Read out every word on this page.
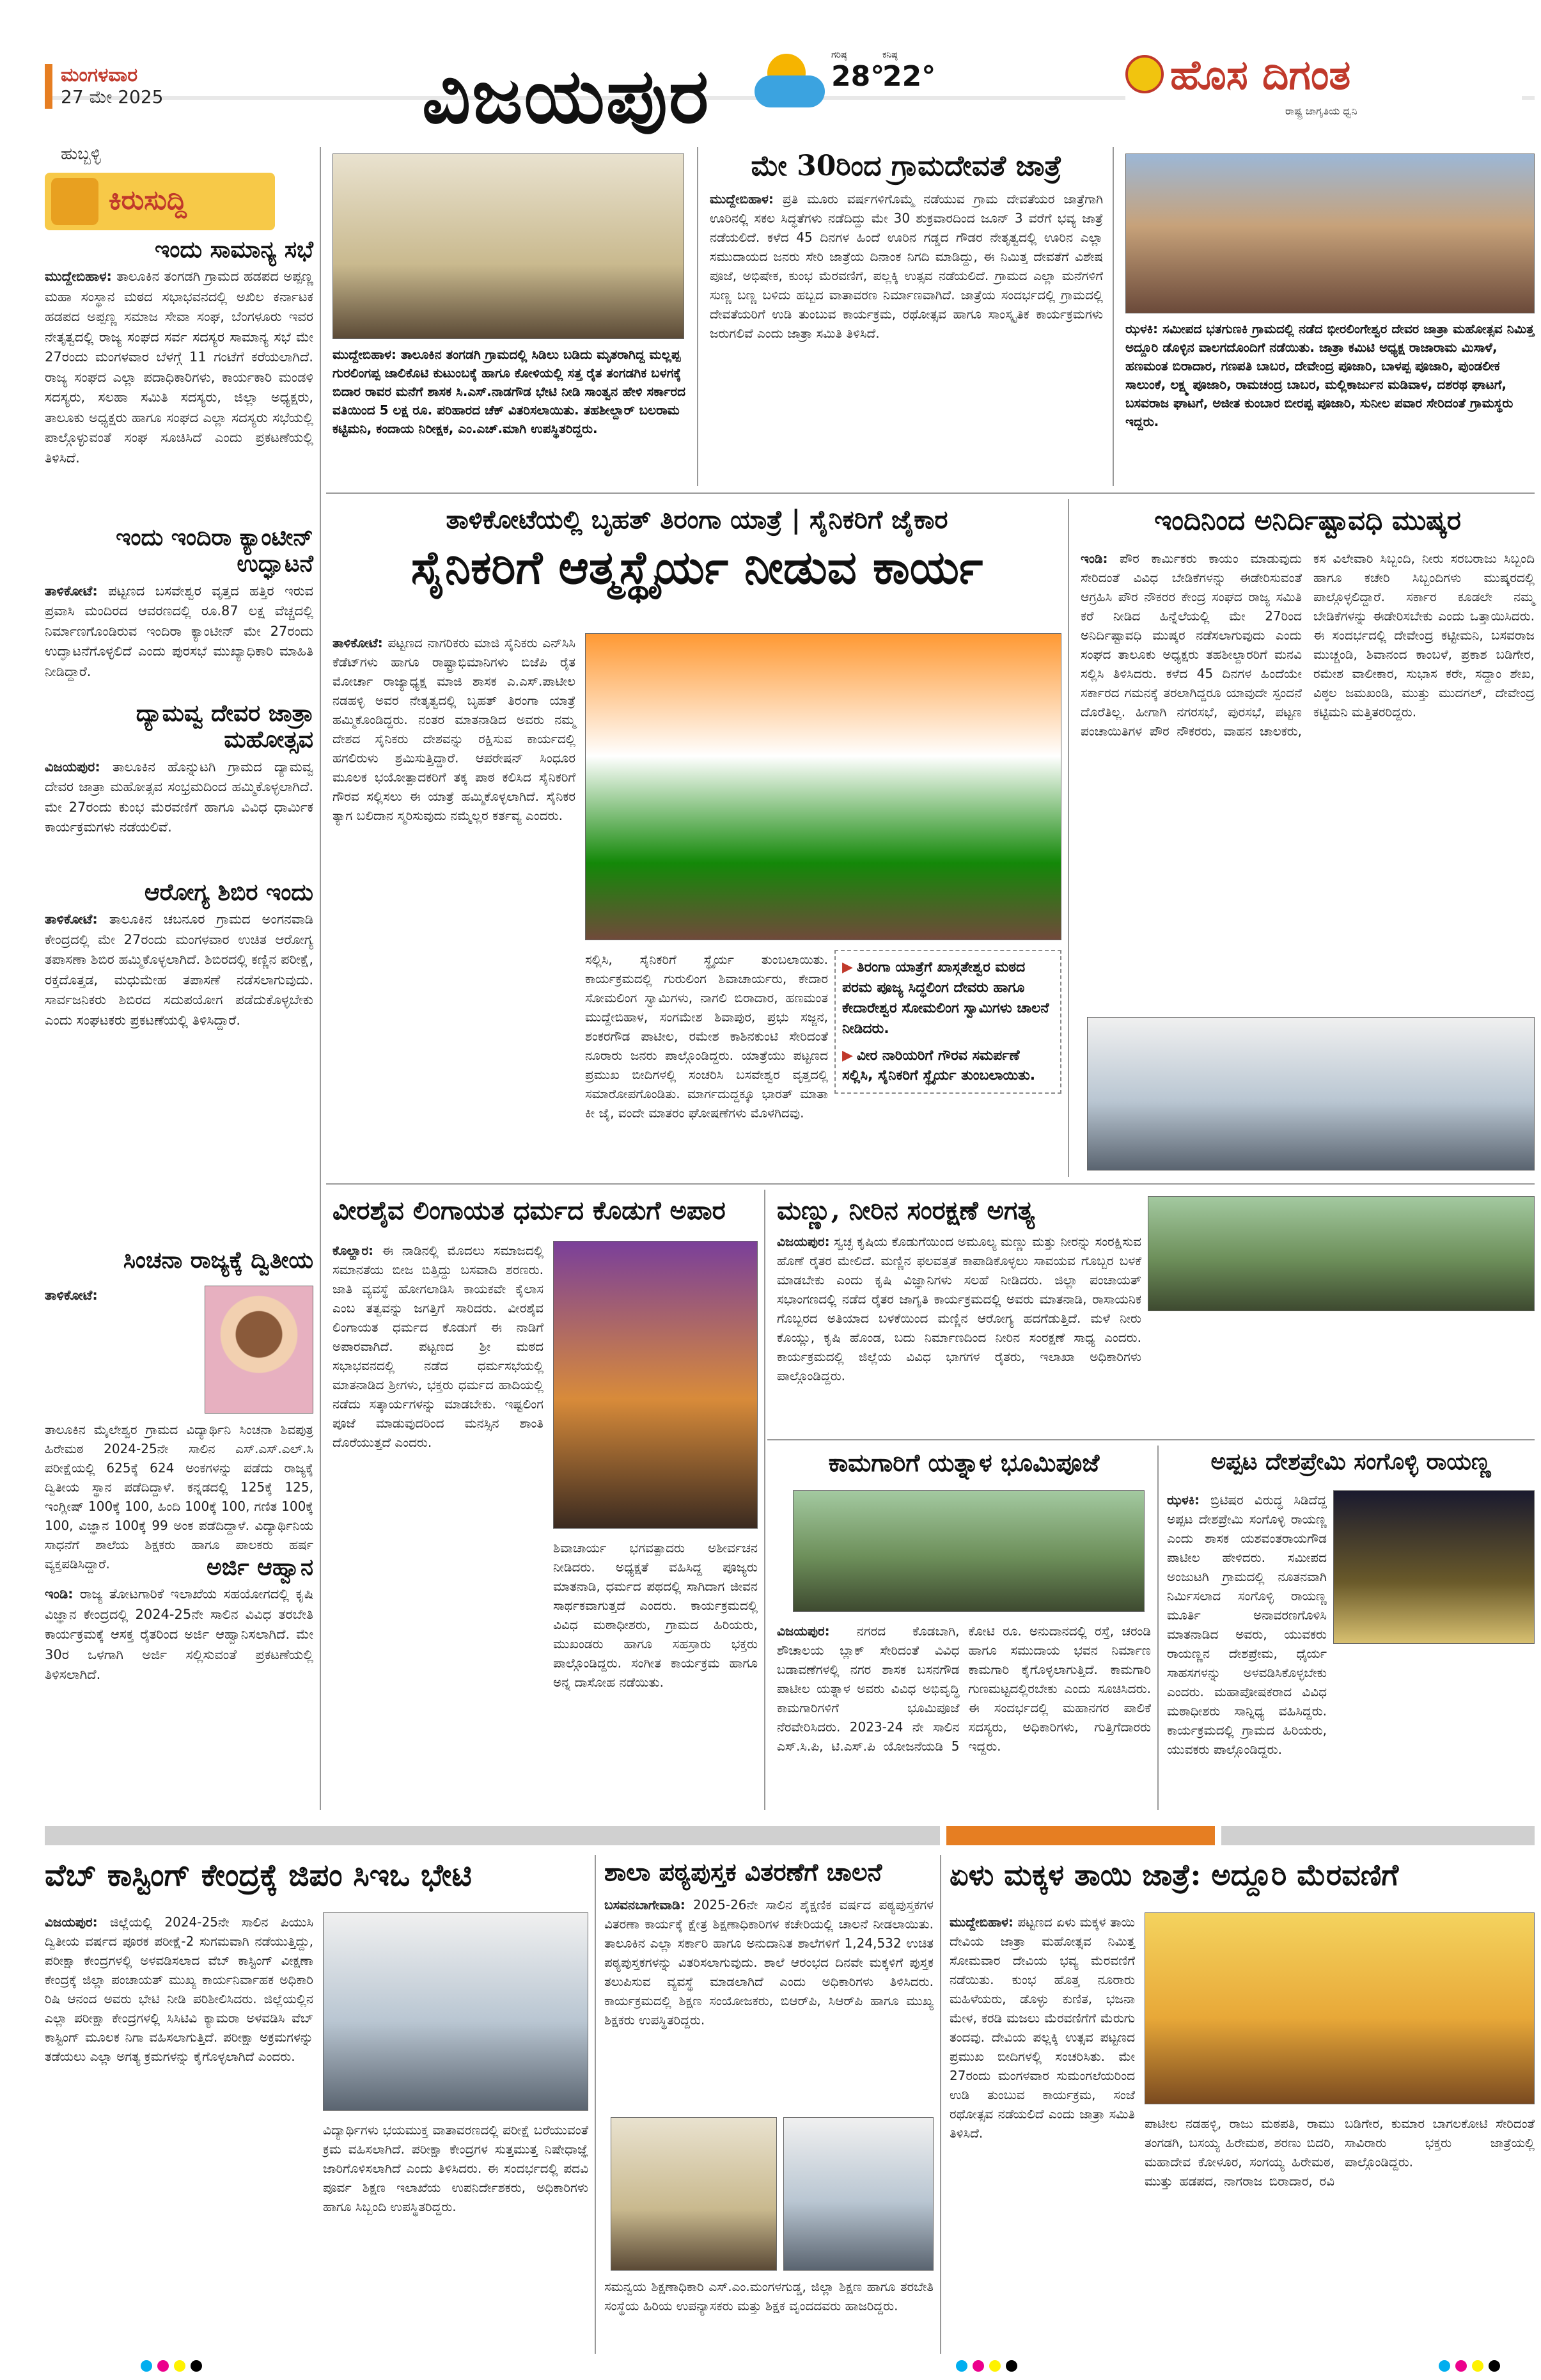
ಮಂಗಳವಾರ
27 ಮೇ 2025
ಹುಬ್ಬಳ್ಳಿ
ವಿಜಯಪುರ	ಗರಿಷ್ಠ
28°
ಕನಿಷ್ಠ
22°	ಹೊಸ ದಿಗಂತ
ರಾಷ್ಟ್ರ ಜಾಗೃತಿಯ ಧ್ವನಿ
ಕಿರುಸುದ್ದಿ
ಇಂದು ಸಾಮಾನ್ಯ ಸಭೆ
ಮುದ್ದೇಬಿಹಾಳ: ತಾಲೂಕಿನ ತಂಗಡಗಿ ಗ್ರಾಮದ ಹಡಪದ ಅಪ್ಪಣ್ಣ ಮಹಾ ಸಂಸ್ಥಾನ ಮಠದ ಸಭಾಭವನದಲ್ಲಿ ಅಖಿಲ ಕರ್ನಾಟಕ ಹಡಪದ ಅಪ್ಪಣ್ಣ ಸಮಾಜ ಸೇವಾ ಸಂಘ, ಬೆಂಗಳೂರು ಇವರ ನೇತೃತ್ವದಲ್ಲಿ ರಾಜ್ಯ ಸಂಘದ ಸರ್ವ ಸದಸ್ಯರ ಸಾಮಾನ್ಯ ಸಭೆ ಮೇ 27ರಂದು ಮಂಗಳವಾರ ಬೆಳಗ್ಗೆ 11 ಗಂಟೆಗೆ ಕರೆಯಲಾಗಿದೆ. ರಾಜ್ಯ ಸಂಘದ ಎಲ್ಲಾ ಪದಾಧಿಕಾರಿಗಳು, ಕಾರ್ಯಕಾರಿ ಮಂಡಳಿ ಸದಸ್ಯರು, ಸಲಹಾ ಸಮಿತಿ ಸದಸ್ಯರು, ಜಿಲ್ಲಾ ಅಧ್ಯಕ್ಷರು, ತಾಲೂಕು ಅಧ್ಯಕ್ಷರು ಹಾಗೂ ಸಂಘದ ಎಲ್ಲಾ ಸದಸ್ಯರು ಸಭೆಯಲ್ಲಿ ಪಾಲ್ಗೊಳ್ಳುವಂತೆ ಸಂಘ ಸೂಚಿಸಿದೆ ಎಂದು ಪ್ರಕಟಣೆಯಲ್ಲಿ ತಿಳಿಸಿದೆ.
ಇಂದು ಇಂದಿರಾ ಕ್ಯಾಂಟೀನ್ ಉದ್ಘಾಟನೆ
ತಾಳಿಕೋಟೆ: ಪಟ್ಟಣದ ಬಸವೇಶ್ವರ ವೃತ್ತದ ಹತ್ತಿರ ಇರುವ ಪ್ರವಾಸಿ ಮಂದಿರದ ಆವರಣದಲ್ಲಿ ರೂ.87 ಲಕ್ಷ ವೆಚ್ಚದಲ್ಲಿ ನಿರ್ಮಾಣಗೊಂಡಿರುವ ಇಂದಿರಾ ಕ್ಯಾಂಟೀನ್ ಮೇ 27ರಂದು ಉದ್ಘಾಟನೆಗೊಳ್ಳಲಿದೆ ಎಂದು ಪುರಸಭೆ ಮುಖ್ಯಾಧಿಕಾರಿ ಮಾಹಿತಿ ನೀಡಿದ್ದಾರೆ.
ದ್ಯಾಮವ್ವ ದೇವರ ಜಾತ್ರಾ ಮಹೋತ್ಸವ
ವಿಜಯಪುರ: ತಾಲೂಕಿನ ಹೊನ್ನುಟಗಿ ಗ್ರಾಮದ ದ್ಯಾಮವ್ವ ದೇವರ ಜಾತ್ರಾ ಮಹೋತ್ಸವ ಸಂಭ್ರಮದಿಂದ ಹಮ್ಮಿಕೊಳ್ಳಲಾಗಿದೆ. ಮೇ 27ರಂದು ಕುಂಭ ಮೆರವಣಿಗೆ ಹಾಗೂ ವಿವಿಧ ಧಾರ್ಮಿಕ ಕಾರ್ಯಕ್ರಮಗಳು ನಡೆಯಲಿವೆ.
ಆರೋಗ್ಯ ಶಿಬಿರ ಇಂದು
ತಾಳಿಕೋಟೆ: ತಾಲೂಕಿನ ಚಬನೂರ ಗ್ರಾಮದ ಅಂಗನವಾಡಿ ಕೇಂದ್ರದಲ್ಲಿ ಮೇ 27ರಂದು ಮಂಗಳವಾರ ಉಚಿತ ಆರೋಗ್ಯ ತಪಾಸಣಾ ಶಿಬಿರ ಹಮ್ಮಿಕೊಳ್ಳಲಾಗಿದೆ. ಶಿಬಿರದಲ್ಲಿ ಕಣ್ಣಿನ ಪರೀಕ್ಷೆ, ರಕ್ತದೊತ್ತಡ, ಮಧುಮೇಹ ತಪಾಸಣೆ ನಡೆಸಲಾಗುವುದು. ಸಾರ್ವಜನಿಕರು ಶಿಬಿರದ ಸದುಪಯೋಗ ಪಡೆದುಕೊಳ್ಳಬೇಕು ಎಂದು ಸಂಘಟಕರು ಪ್ರಕಟಣೆಯಲ್ಲಿ ತಿಳಿಸಿದ್ದಾರೆ.
ಸಿಂಚನಾ ರಾಜ್ಯಕ್ಕೆ ದ್ವಿತೀಯ
ತಾಳಿಕೋಟೆ:
ತಾಲೂಕಿನ ಮೈಲೇಶ್ವರ ಗ್ರಾಮದ ವಿದ್ಯಾರ್ಥಿನಿ ಸಿಂಚನಾ ಶಿವಪುತ್ರ ಹಿರೇಮಠ 2024-25ನೇ ಸಾಲಿನ ಎಸ್.ಎಸ್.ಎಲ್.ಸಿ ಪರೀಕ್ಷೆಯಲ್ಲಿ 625ಕ್ಕೆ 624 ಅಂಕಗಳನ್ನು ಪಡೆದು ರಾಜ್ಯಕ್ಕೆ ದ್ವಿತೀಯ ಸ್ಥಾನ ಪಡೆದಿದ್ದಾಳೆ. ಕನ್ನಡದಲ್ಲಿ 125ಕ್ಕೆ 125, ಇಂಗ್ಲೀಷ್ 100ಕ್ಕೆ 100, ಹಿಂದಿ 100ಕ್ಕೆ 100, ಗಣಿತ 100ಕ್ಕೆ 100, ವಿಜ್ಞಾನ 100ಕ್ಕೆ 99 ಅಂಕ ಪಡೆದಿದ್ದಾಳೆ. ವಿದ್ಯಾರ್ಥಿನಿಯ ಸಾಧನೆಗೆ ಶಾಲೆಯ ಶಿಕ್ಷಕರು ಹಾಗೂ ಪಾಲಕರು ಹರ್ಷ ವ್ಯಕ್ತಪಡಿಸಿದ್ದಾರೆ.	ಅರ್ಜಿ ಆಹ್ವಾನ
ಇಂಡಿ: ರಾಜ್ಯ ತೋಟಗಾರಿಕೆ ಇಲಾಖೆಯ ಸಹಯೋಗದಲ್ಲಿ ಕೃಷಿ ವಿಜ್ಞಾನ ಕೇಂದ್ರದಲ್ಲಿ 2024-25ನೇ ಸಾಲಿನ ವಿವಿಧ ತರಬೇತಿ ಕಾರ್ಯಕ್ರಮಕ್ಕೆ ಆಸಕ್ತ ರೈತರಿಂದ ಅರ್ಜಿ ಆಹ್ವಾನಿಸಲಾಗಿದೆ. ಮೇ 30ರ ಒಳಗಾಗಿ ಅರ್ಜಿ ಸಲ್ಲಿಸುವಂತೆ ಪ್ರಕಟಣೆಯಲ್ಲಿ ತಿಳಿಸಲಾಗಿದೆ.
ಮುದ್ದೇಬಿಹಾಳ: ತಾಲೂಕಿನ ತಂಗಡಗಿ ಗ್ರಾಮದಲ್ಲಿ ಸಿಡಿಲು ಬಡಿದು ಮೃತರಾಗಿದ್ದ ಮಲ್ಲಪ್ಪ ಗುರಲಿಂಗಪ್ಪ ಜಾಲಿಕೊಟಿ ಕುಟುಂಬಕ್ಕೆ ಹಾಗೂ ಕೋಳಿಯಲ್ಲಿ ಸತ್ತ ರೈತ ತಂಗಡಗಿಕ ಬಳಗಕ್ಕೆ ಬಿದಾರ ರಾವರ ಮನೆಗೆ ಶಾಸಕ ಸಿ.ಎಸ್.ನಾಡಗೌಡ ಭೇಟಿ ನೀಡಿ ಸಾಂತ್ವನ ಹೇಳಿ ಸರ್ಕಾರದ ವತಿಯಿಂದ 5 ಲಕ್ಷ ರೂ. ಪರಿಹಾರದ ಚೆಕ್ ವಿತರಿಸಲಾಯಿತು. ತಹಶೀಲ್ದಾರ್ ಬಲರಾಮ ಕಟ್ಟಿಮನಿ, ಕಂದಾಯ ನಿರೀಕ್ಷಕ, ಎಂ.ಎಚ್.ಮಾಗಿ ಉಪಸ್ಥಿತರಿದ್ದರು.
ಮೇ 30ರಿಂದ ಗ್ರಾಮದೇವತೆ ಜಾತ್ರೆ
ಮುದ್ದೇಬಿಹಾಳ: ಪ್ರತಿ ಮೂರು ವರ್ಷಗಳಿಗೊಮ್ಮೆ ನಡೆಯುವ ಗ್ರಾಮ ದೇವತೆಯರ ಜಾತ್ರೆಗಾಗಿ ಊರಿನಲ್ಲಿ ಸಕಲ ಸಿದ್ಧತೆಗಳು ನಡೆದಿದ್ದು ಮೇ 30 ಶುಕ್ರವಾರದಿಂದ ಜೂನ್ 3 ವರೆಗೆ ಭವ್ಯ ಜಾತ್ರೆ ನಡೆಯಲಿದೆ. ಕಳೆದ 45 ದಿನಗಳ ಹಿಂದೆ ಊರಿನ ಗಡ್ಡದ ಗೌಡರ ನೇತೃತ್ವದಲ್ಲಿ ಊರಿನ ಎಲ್ಲಾ ಸಮುದಾಯದ ಜನರು ಸೇರಿ ಜಾತ್ರೆಯ ದಿನಾಂಕ ನಿಗದಿ ಮಾಡಿದ್ದು, ಈ ನಿಮಿತ್ತ ದೇವತೆಗೆ ವಿಶೇಷ ಪೂಜೆ, ಅಭಿಷೇಕ, ಕುಂಭ ಮೆರವಣಿಗೆ, ಪಲ್ಲಕ್ಕಿ ಉತ್ಸವ ನಡೆಯಲಿದೆ. ಗ್ರಾಮದ ಎಲ್ಲಾ ಮನೆಗಳಿಗೆ ಸುಣ್ಣ ಬಣ್ಣ ಬಳಿದು ಹಬ್ಬದ ವಾತಾವರಣ ನಿರ್ಮಾಣವಾಗಿದೆ. ಜಾತ್ರೆಯ ಸಂದರ್ಭದಲ್ಲಿ ಗ್ರಾಮದಲ್ಲಿ ದೇವತೆಯರಿಗೆ ಉಡಿ ತುಂಬುವ ಕಾರ್ಯಕ್ರಮ, ರಥೋತ್ಸವ ಹಾಗೂ ಸಾಂಸ್ಕೃತಿಕ ಕಾರ್ಯಕ್ರಮಗಳು ಜರುಗಲಿವೆ ಎಂದು ಜಾತ್ರಾ ಸಮಿತಿ ತಿಳಿಸಿದೆ.	ಝಳಕಿ: ಸಮೀಪದ ಭತಗುಣಕಿ ಗ್ರಾಮದಲ್ಲಿ ನಡೆದ ಭೀರಲಿಂಗೇಶ್ವರ ದೇವರ ಜಾತ್ರಾ ಮಹೋತ್ಸವ ನಿಮಿತ್ತ ಅದ್ದೂರಿ ಡೊಳ್ಳಿನ ವಾಲಗದೊಂದಿಗೆ ನಡೆಯಿತು. ಜಾತ್ರಾ ಕಮಿಟಿ ಅಧ್ಯಕ್ಷ ರಾಜಾರಾಮ ಮಿಸಾಳೆ, ಹಣಮಂತ ಬಿರಾದಾರ, ಗಣಪತಿ ಬಾಬರ, ದೇವೇಂದ್ರ ಪೂಜಾರಿ, ಬಾಳಪ್ಪ ಪೂಜಾರಿ, ಪುಂಡಲೀಕ ಸಾಲುಂಕೆ, ಲಕ್ಷ್ಮ ಪೂಜಾರಿ, ರಾಮಚಂದ್ರ ಬಾಬರ, ಮಲ್ಲಿಕಾರ್ಜುನ ಮಡಿವಾಳ, ದಶರಥ ಘಾಟಗೆ, ಬಸವರಾಜ ಘಾಟಗೆ, ಅಜೀತ ಕುಂಬಾರ ಬೀರಪ್ಪ ಪೂಜಾರಿ, ಸುನೀಲ ಪವಾರ ಸೇರಿದಂತೆ ಗ್ರಾಮಸ್ಥರು ಇದ್ದರು.
ತಾಳಿಕೋಟೆಯಲ್ಲಿ ಬೃಹತ್ ತಿರಂಗಾ ಯಾತ್ರೆ | ಸೈನಿಕರಿಗೆ ಜೈಕಾರ
ಸೈನಿಕರಿಗೆ ಆತ್ಮಸ್ಥೈರ್ಯ ನೀಡುವ ಕಾರ್ಯ
ತಾಳಿಕೋಟೆ: ಪಟ್ಟಣದ ನಾಗರಿಕರು ಮಾಜಿ ಸೈನಿಕರು ಎನ್‌ಸಿಸಿ ಕೆಡೆಟ್‌ಗಳು ಹಾಗೂ ರಾಷ್ಟ್ರಾಭಿಮಾನಿಗಳು ಬಿಜೆಪಿ ರೈತ ಮೋರ್ಚಾ ರಾಜ್ಯಾಧ್ಯಕ್ಷ ಮಾಜಿ ಶಾಸಕ ಎ.ಎಸ್.ಪಾಟೀಲ ನಡಹಳ್ಳಿ ಅವರ ನೇತೃತ್ವದಲ್ಲಿ ಬೃಹತ್ ತಿರಂಗಾ ಯಾತ್ರೆ ಹಮ್ಮಿಕೊಂಡಿದ್ದರು. ನಂತರ ಮಾತನಾಡಿದ ಅವರು ನಮ್ಮ ದೇಶದ ಸೈನಿಕರು ದೇಶವನ್ನು ರಕ್ಷಿಸುವ ಕಾರ್ಯದಲ್ಲಿ ಹಗಲಿರುಳು ಶ್ರಮಿಸುತ್ತಿದ್ದಾರೆ. ಆಪರೇಷನ್ ಸಿಂಧೂರ ಮೂಲಕ ಭಯೋತ್ಪಾದಕರಿಗೆ ತಕ್ಕ ಪಾಠ ಕಲಿಸಿದ ಸೈನಿಕರಿಗೆ ಗೌರವ ಸಲ್ಲಿಸಲು ಈ ಯಾತ್ರೆ ಹಮ್ಮಿಕೊಳ್ಳಲಾಗಿದೆ. ಸೈನಿಕರ ತ್ಯಾಗ ಬಲಿದಾನ ಸ್ಮರಿಸುವುದು ನಮ್ಮೆಲ್ಲರ ಕರ್ತವ್ಯ ಎಂದರು.
ಸಲ್ಲಿಸಿ, ಸೈನಿಕರಿಗೆ ಸ್ಥೈರ್ಯ ತುಂಬಲಾಯಿತು. ಕಾರ್ಯಕ್ರಮದಲ್ಲಿ ಗುರುಲಿಂಗ ಶಿವಾಚಾರ್ಯರು, ಕೇದಾರ ಸೋಮಲಿಂಗ ಸ್ವಾಮಿಗಳು, ನಾಗಲಿ ಬಿರಾದಾರ, ಹಣಮಂತ ಮುದ್ದೇಬಿಹಾಳ, ಸಂಗಮೇಶ ಶಿವಾಪುರ, ಪ್ರಭು ಸಜ್ಜನ, ಶಂಕರಗೌಡ ಪಾಟೀಲ, ರಮೇಶ ಕಾಶಿನಕುಂಟಿ ಸೇರಿದಂತೆ ನೂರಾರು ಜನರು ಪಾಲ್ಗೊಂಡಿದ್ದರು. ಯಾತ್ರೆಯು ಪಟ್ಟಣದ ಪ್ರಮುಖ ಬೀದಿಗಳಲ್ಲಿ ಸಂಚರಿಸಿ ಬಸವೇಶ್ವರ ವೃತ್ತದಲ್ಲಿ ಸಮಾರೋಪಗೊಂಡಿತು. ಮಾರ್ಗದುದ್ದಕ್ಕೂ ಭಾರತ್ ಮಾತಾ ಕೀ ಜೈ, ವಂದೇ ಮಾತರಂ ಘೋಷಣೆಗಳು ಮೊಳಗಿದವು.
▶ ತಿರಂಗಾ ಯಾತ್ರೆಗೆ ಖಾಸ್ಗತೇಶ್ವರ ಮಠದ ಪರಮ ಪೂಜ್ಯ ಸಿದ್ಧಲಿಂಗ ದೇವರು ಹಾಗೂ ಕೇದಾರೇಶ್ವರ ಸೋಮಲಿಂಗ ಸ್ವಾಮಿಗಳು ಚಾಲನೆ ನೀಡಿದರು.
▶ ವೀರ ನಾರಿಯರಿಗೆ ಗೌರವ ಸಮರ್ಪಣೆ ಸಲ್ಲಿಸಿ, ಸೈನಿಕರಿಗೆ ಸ್ಥೈರ್ಯ ತುಂಬಲಾಯಿತು.
ಇಂದಿನಿಂದ ಅನಿರ್ದಿಷ್ಟಾವಧಿ ಮುಷ್ಕರ
ಇಂಡಿ: ಪೌರ ಕಾರ್ಮಿಕರು ಕಾಯಂ ಮಾಡುವುದು ಸೇರಿದಂತೆ ವಿವಿಧ ಬೇಡಿಕೆಗಳನ್ನು ಈಡೇರಿಸುವಂತೆ ಆಗ್ರಹಿಸಿ ಪೌರ ನೌಕರರ ಕೇಂದ್ರ ಸಂಘದ ರಾಜ್ಯ ಸಮಿತಿ ಕರೆ ನೀಡಿದ ಹಿನ್ನೆಲೆಯಲ್ಲಿ ಮೇ 27ರಿಂದ ಅನಿರ್ದಿಷ್ಟಾವಧಿ ಮುಷ್ಕರ ನಡೆಸಲಾಗುವುದು ಎಂದು ಸಂಘದ ತಾಲೂಕು ಅಧ್ಯಕ್ಷರು ತಹಶೀಲ್ದಾರರಿಗೆ ಮನವಿ ಸಲ್ಲಿಸಿ ತಿಳಿಸಿದರು. ಕಳೆದ 45 ದಿನಗಳ ಹಿಂದೆಯೇ ಸರ್ಕಾರದ ಗಮನಕ್ಕೆ ತರಲಾಗಿದ್ದರೂ ಯಾವುದೇ ಸ್ಪಂದನೆ ದೊರೆತಿಲ್ಲ. ಹೀಗಾಗಿ ನಗರಸಭೆ, ಪುರಸಭೆ, ಪಟ್ಟಣ ಪಂಚಾಯಿತಿಗಳ ಪೌರ ನೌಕರರು, ವಾಹನ ಚಾಲಕರು, ಕಸ ವಿಲೇವಾರಿ ಸಿಬ್ಬಂದಿ, ನೀರು ಸರಬರಾಜು ಸಿಬ್ಬಂದಿ ಹಾಗೂ ಕಚೇರಿ ಸಿಬ್ಬಂದಿಗಳು ಮುಷ್ಕರದಲ್ಲಿ ಪಾಲ್ಗೊಳ್ಳಲಿದ್ದಾರೆ. ಸರ್ಕಾರ ಕೂಡಲೇ ನಮ್ಮ ಬೇಡಿಕೆಗಳನ್ನು ಈಡೇರಿಸಬೇಕು ಎಂದು ಒತ್ತಾಯಿಸಿದರು. ಈ ಸಂದರ್ಭದಲ್ಲಿ ದೇವೇಂದ್ರ ಕಟ್ಟೀಮನಿ, ಬಸವರಾಜ ಮುಚ್ಚಂಡಿ, ಶಿವಾನಂದ ಕಾಂಬಳೆ, ಪ್ರಕಾಶ ಬಡಿಗೇರ, ರಮೇಶ ವಾಲೀಕಾರ, ಸುಭಾಸ ಕರೇ, ಸದ್ದಾಂ ಶೇಖ, ವಿಠ್ಠಲ ಜಮಖಂಡಿ, ಮುತ್ತು ಮುದಗಲ್, ದೇವೇಂದ್ರ ಕಟ್ಟಿಮನಿ ಮತ್ತಿತರರಿದ್ದರು.
ವೀರಶೈವ ಲಿಂಗಾಯತ ಧರ್ಮದ ಕೊಡುಗೆ ಅಪಾರ
ಕೊಲ್ಹಾರ: ಈ ನಾಡಿನಲ್ಲಿ ಮೊದಲು ಸಮಾಜದಲ್ಲಿ ಸಮಾನತೆಯ ಬೀಜ ಬಿತ್ತಿದ್ದು ಬಸವಾದಿ ಶರಣರು. ಜಾತಿ ವ್ಯವಸ್ಥೆ ಹೋಗಲಾಡಿಸಿ ಕಾಯಕವೇ ಕೈಲಾಸ ಎಂಬ ತತ್ವವನ್ನು ಜಗತ್ತಿಗೆ ಸಾರಿದರು. ವೀರಶೈವ ಲಿಂಗಾಯತ ಧರ್ಮದ ಕೊಡುಗೆ ಈ ನಾಡಿಗೆ ಅಪಾರವಾಗಿದೆ. ಪಟ್ಟಣದ ಶ್ರೀ ಮಠದ ಸಭಾಭವನದಲ್ಲಿ ನಡೆದ ಧರ್ಮಸಭೆಯಲ್ಲಿ ಮಾತನಾಡಿದ ಶ್ರೀಗಳು, ಭಕ್ತರು ಧರ್ಮದ ಹಾದಿಯಲ್ಲಿ ನಡೆದು ಸತ್ಕಾರ್ಯಗಳನ್ನು ಮಾಡಬೇಕು. ಇಷ್ಟಲಿಂಗ ಪೂಜೆ ಮಾಡುವುದರಿಂದ ಮನಸ್ಸಿನ ಶಾಂತಿ ದೊರೆಯುತ್ತದೆ ಎಂದರು.
ಶಿವಾಚಾರ್ಯ ಭಗವತ್ಪಾದರು ಅಶೀರ್ವಚನ ನೀಡಿದರು. ಅಧ್ಯಕ್ಷತೆ ವಹಿಸಿದ್ದ ಪೂಜ್ಯರು ಮಾತನಾಡಿ, ಧರ್ಮದ ಪಥದಲ್ಲಿ ಸಾಗಿದಾಗ ಜೀವನ ಸಾರ್ಥಕವಾಗುತ್ತದೆ ಎಂದರು. ಕಾರ್ಯಕ್ರಮದಲ್ಲಿ ವಿವಿಧ ಮಠಾಧೀಶರು, ಗ್ರಾಮದ ಹಿರಿಯರು, ಮುಖಂಡರು ಹಾಗೂ ಸಹಸ್ರಾರು ಭಕ್ತರು ಪಾಲ್ಗೊಂಡಿದ್ದರು. ಸಂಗೀತ ಕಾರ್ಯಕ್ರಮ ಹಾಗೂ ಅನ್ನ ದಾಸೋಹ ನಡೆಯಿತು.
ಮಣ್ಣು, ನೀರಿನ ಸಂರಕ್ಷಣೆ ಅಗತ್ಯ
ವಿಜಯಪುರ: ಸ್ವಚ್ಛ ಕೃಷಿಯ ಕೊಡುಗೆಯಿಂದ ಅಮೂಲ್ಯ ಮಣ್ಣು ಮತ್ತು ನೀರನ್ನು ಸಂರಕ್ಷಿಸುವ ಹೊಣೆ ರೈತರ ಮೇಲಿದೆ. ಮಣ್ಣಿನ ಫಲವತ್ತತೆ ಕಾಪಾಡಿಕೊಳ್ಳಲು ಸಾವಯವ ಗೊಬ್ಬರ ಬಳಕೆ ಮಾಡಬೇಕು ಎಂದು ಕೃಷಿ ವಿಜ್ಞಾನಿಗಳು ಸಲಹೆ ನೀಡಿದರು. ಜಿಲ್ಲಾ ಪಂಚಾಯತ್ ಸಭಾಂಗಣದಲ್ಲಿ ನಡೆದ ರೈತರ ಜಾಗೃತಿ ಕಾರ್ಯಕ್ರಮದಲ್ಲಿ ಅವರು ಮಾತನಾಡಿ, ರಾಸಾಯನಿಕ ಗೊಬ್ಬರದ ಅತಿಯಾದ ಬಳಕೆಯಿಂದ ಮಣ್ಣಿನ ಆರೋಗ್ಯ ಹದಗೆಡುತ್ತಿದೆ. ಮಳೆ ನೀರು ಕೊಯ್ಲು, ಕೃಷಿ ಹೊಂಡ, ಬದು ನಿರ್ಮಾಣದಿಂದ ನೀರಿನ ಸಂರಕ್ಷಣೆ ಸಾಧ್ಯ ಎಂದರು. ಕಾರ್ಯಕ್ರಮದಲ್ಲಿ ಜಿಲ್ಲೆಯ ವಿವಿಧ ಭಾಗಗಳ ರೈತರು, ಇಲಾಖಾ ಅಧಿಕಾರಿಗಳು ಪಾಲ್ಗೊಂಡಿದ್ದರು.
ಕಾಮಗಾರಿಗೆ ಯತ್ನಾಳ ಭೂಮಿಪೂಜೆ
ವಿಜಯಪುರ: ನಗರದ ಕೊಡಬಾಗಿ, ಶೌಚಾಲಯ ಬ್ಲಾಕ್ ಸೇರಿದಂತೆ ವಿವಿಧ ಬಡಾವಣೆಗಳಲ್ಲಿ ನಗರ ಶಾಸಕ ಬಸನಗೌಡ ಪಾಟೀಲ ಯತ್ನಾಳ ಅವರು ವಿವಿಧ ಅಭಿವೃದ್ಧಿ ಕಾಮಗಾರಿಗಳಿಗೆ ಭೂಮಿಪೂಜೆ ನೆರವೇರಿಸಿದರು. 2023-24 ನೇ ಸಾಲಿನ ಎಸ್.ಸಿ.ಪಿ, ಟಿ.ಎಸ್.ಪಿ ಯೋಜನೆಯಡಿ 5 ಕೋಟಿ ರೂ. ಅನುದಾನದಲ್ಲಿ ರಸ್ತೆ, ಚರಂಡಿ ಹಾಗೂ ಸಮುದಾಯ ಭವನ ನಿರ್ಮಾಣ ಕಾಮಗಾರಿ ಕೈಗೊಳ್ಳಲಾಗುತ್ತಿದೆ. ಕಾಮಗಾರಿ ಗುಣಮಟ್ಟದಲ್ಲಿರಬೇಕು ಎಂದು ಸೂಚಿಸಿದರು. ಈ ಸಂದರ್ಭದಲ್ಲಿ ಮಹಾನಗರ ಪಾಲಿಕೆ ಸದಸ್ಯರು, ಅಧಿಕಾರಿಗಳು, ಗುತ್ತಿಗೆದಾರರು ಇದ್ದರು.
ಅಪ್ಪಟ ದೇಶಪ್ರೇಮಿ ಸಂಗೊಳ್ಳಿ ರಾಯಣ್ಣ
ಝಳಕಿ: ಬ್ರಿಟಿಷರ ವಿರುದ್ಧ ಸಿಡಿದೆದ್ದ ಅಪ್ಪಟ ದೇಶಪ್ರೇಮಿ ಸಂಗೊಳ್ಳಿ ರಾಯಣ್ಣ ಎಂದು ಶಾಸಕ ಯಶವಂತರಾಯಗೌಡ ಪಾಟೀಲ ಹೇಳಿದರು. ಸಮೀಪದ ಅಂಜುಟಗಿ ಗ್ರಾಮದಲ್ಲಿ ನೂತನವಾಗಿ ನಿರ್ಮಿಸಲಾದ ಸಂಗೊಳ್ಳಿ ರಾಯಣ್ಣ ಮೂರ್ತಿ ಅನಾವರಣಗೊಳಿಸಿ ಮಾತನಾಡಿದ ಅವರು, ಯುವಕರು ರಾಯಣ್ಣನ ದೇಶಪ್ರೇಮ, ಧೈರ್ಯ ಸಾಹಸಗಳನ್ನು ಅಳವಡಿಸಿಕೊಳ್ಳಬೇಕು ಎಂದರು. ಮಹಾಪೋಷಕರಾದ ವಿವಿಧ ಮಠಾಧೀಶರು ಸಾನ್ನಿಧ್ಯ ವಹಿಸಿದ್ದರು. ಕಾರ್ಯಕ್ರಮದಲ್ಲಿ ಗ್ರಾಮದ ಹಿರಿಯರು, ಯುವಕರು ಪಾಲ್ಗೊಂಡಿದ್ದರು.
ವೆಬ್ ಕಾಸ್ಟಿಂಗ್ ಕೇಂದ್ರಕ್ಕೆ ಜಿಪಂ ಸಿಇಒ ಭೇಟಿ
ವಿಜಯಪುರ: ಜಿಲ್ಲೆಯಲ್ಲಿ 2024-25ನೇ ಸಾಲಿನ ಪಿಯುಸಿ ದ್ವಿತೀಯ ವರ್ಷದ ಪೂರಕ ಪರೀಕ್ಷೆ-2 ಸುಗಮವಾಗಿ ನಡೆಯುತ್ತಿದ್ದು, ಪರೀಕ್ಷಾ ಕೇಂದ್ರಗಳಲ್ಲಿ ಅಳವಡಿಸಲಾದ ವೆಬ್ ಕಾಸ್ಟಿಂಗ್ ವೀಕ್ಷಣಾ ಕೇಂದ್ರಕ್ಕೆ ಜಿಲ್ಲಾ ಪಂಚಾಯತ್ ಮುಖ್ಯ ಕಾರ್ಯನಿರ್ವಾಹಕ ಅಧಿಕಾರಿ ರಿಷಿ ಆನಂದ ಅವರು ಭೇಟಿ ನೀಡಿ ಪರಿಶೀಲಿಸಿದರು. ಜಿಲ್ಲೆಯಲ್ಲಿನ ಎಲ್ಲಾ ಪರೀಕ್ಷಾ ಕೇಂದ್ರಗಳಲ್ಲಿ ಸಿಸಿಟಿವಿ ಕ್ಯಾಮರಾ ಅಳವಡಿಸಿ ವೆಬ್ ಕಾಸ್ಟಿಂಗ್ ಮೂಲಕ ನಿಗಾ ವಹಿಸಲಾಗುತ್ತಿದೆ. ಪರೀಕ್ಷಾ ಅಕ್ರಮಗಳನ್ನು ತಡೆಯಲು ಎಲ್ಲಾ ಅಗತ್ಯ ಕ್ರಮಗಳನ್ನು ಕೈಗೊಳ್ಳಲಾಗಿದೆ ಎಂದರು.
ವಿದ್ಯಾರ್ಥಿಗಳು ಭಯಮುಕ್ತ ವಾತಾವರಣದಲ್ಲಿ ಪರೀಕ್ಷೆ ಬರೆಯುವಂತೆ ಕ್ರಮ ವಹಿಸಲಾಗಿದೆ. ಪರೀಕ್ಷಾ ಕೇಂದ್ರಗಳ ಸುತ್ತಮುತ್ತ ನಿಷೇಧಾಜ್ಞೆ ಜಾರಿಗೊಳಿಸಲಾಗಿದೆ ಎಂದು ತಿಳಿಸಿದರು. ಈ ಸಂದರ್ಭದಲ್ಲಿ ಪದವಿ ಪೂರ್ವ ಶಿಕ್ಷಣ ಇಲಾಖೆಯ ಉಪನಿರ್ದೇಶಕರು, ಅಧಿಕಾರಿಗಳು ಹಾಗೂ ಸಿಬ್ಬಂದಿ ಉಪಸ್ಥಿತರಿದ್ದರು.
ಶಾಲಾ ಪಠ್ಯಪುಸ್ತಕ ವಿತರಣೆಗೆ ಚಾಲನೆ
ಬಸವನಬಾಗೇವಾಡಿ: 2025-26ನೇ ಸಾಲಿನ ಶೈಕ್ಷಣಿಕ ವರ್ಷದ ಪಠ್ಯಪುಸ್ತಕಗಳ ವಿತರಣಾ ಕಾರ್ಯಕ್ಕೆ ಕ್ಷೇತ್ರ ಶಿಕ್ಷಣಾಧಿಕಾರಿಗಳ ಕಚೇರಿಯಲ್ಲಿ ಚಾಲನೆ ನೀಡಲಾಯಿತು. ತಾಲೂಕಿನ ಎಲ್ಲಾ ಸರ್ಕಾರಿ ಹಾಗೂ ಅನುದಾನಿತ ಶಾಲೆಗಳಿಗೆ 1,24,532 ಉಚಿತ ಪಠ್ಯಪುಸ್ತಕಗಳನ್ನು ವಿತರಿಸಲಾಗುವುದು. ಶಾಲೆ ಆರಂಭದ ದಿನವೇ ಮಕ್ಕಳಿಗೆ ಪುಸ್ತಕ ತಲುಪಿಸುವ ವ್ಯವಸ್ಥೆ ಮಾಡಲಾಗಿದೆ ಎಂದು ಅಧಿಕಾರಿಗಳು ತಿಳಿಸಿದರು. ಕಾರ್ಯಕ್ರಮದಲ್ಲಿ ಶಿಕ್ಷಣ ಸಂಯೋಜಕರು, ಬಿಆರ್‌ಪಿ, ಸಿಆರ್‌ಪಿ ಹಾಗೂ ಮುಖ್ಯ ಶಿಕ್ಷಕರು ಉಪಸ್ಥಿತರಿದ್ದರು.
ಸಮನ್ವಯ ಶಿಕ್ಷಣಾಧಿಕಾರಿ ಎಸ್.ಎಂ.ಮಂಗಳಗುಡ್ಡ, ಜಿಲ್ಲಾ ಶಿಕ್ಷಣ ಹಾಗೂ ತರಬೇತಿ ಸಂಸ್ಥೆಯ ಹಿರಿಯ ಉಪನ್ಯಾಸಕರು ಮತ್ತು ಶಿಕ್ಷಕ ವೃಂದದವರು ಹಾಜರಿದ್ದರು.
ಏಳು ಮಕ್ಕಳ ತಾಯಿ ಜಾತ್ರೆ: ಅದ್ದೂರಿ ಮೆರವಣಿಗೆ
ಮುದ್ದೇಬಿಹಾಳ: ಪಟ್ಟಣದ ಏಳು ಮಕ್ಕಳ ತಾಯಿ ದೇವಿಯ ಜಾತ್ರಾ ಮಹೋತ್ಸವ ನಿಮಿತ್ತ ಸೋಮವಾರ ದೇವಿಯ ಭವ್ಯ ಮೆರವಣಿಗೆ ನಡೆಯಿತು. ಕುಂಭ ಹೊತ್ತ ನೂರಾರು ಮಹಿಳೆಯರು, ಡೊಳ್ಳು ಕುಣಿತ, ಭಜನಾ ಮೇಳ, ಕರಡಿ ಮಜಲು ಮೆರವಣಿಗೆಗೆ ಮೆರುಗು ತಂದವು. ದೇವಿಯ ಪಲ್ಲಕ್ಕಿ ಉತ್ಸವ ಪಟ್ಟಣದ ಪ್ರಮುಖ ಬೀದಿಗಳಲ್ಲಿ ಸಂಚರಿಸಿತು. ಮೇ 27ರಂದು ಮಂಗಳವಾರ ಸುಮಂಗಲೆಯರಿಂದ ಉಡಿ ತುಂಬುವ ಕಾರ್ಯಕ್ರಮ, ಸಂಜೆ ರಥೋತ್ಸವ ನಡೆಯಲಿದೆ ಎಂದು ಜಾತ್ರಾ ಸಮಿತಿ ತಿಳಿಸಿದೆ.
ಪಾಟೀಲ ನಡಹಳ್ಳಿ, ರಾಜು ಮಠಪತಿ, ರಾಮು ತಂಗಡಗಿ, ಬಸಯ್ಯ ಹಿರೇಮಠ, ಶರಣು ಬಿದರಿ, ಮಹಾದೇವ ಕೋಳೂರ, ಸಂಗಯ್ಯ ಹಿರೇಮಠ, ಮುತ್ತು ಹಡಪದ, ನಾಗರಾಜ ಬಿರಾದಾರ, ರವಿ ಬಡಿಗೇರ, ಕುಮಾರ ಬಾಗಲಕೋಟಿ ಸೇರಿದಂತೆ ಸಾವಿರಾರು ಭಕ್ತರು ಜಾತ್ರೆಯಲ್ಲಿ ಪಾಲ್ಗೊಂಡಿದ್ದರು.
